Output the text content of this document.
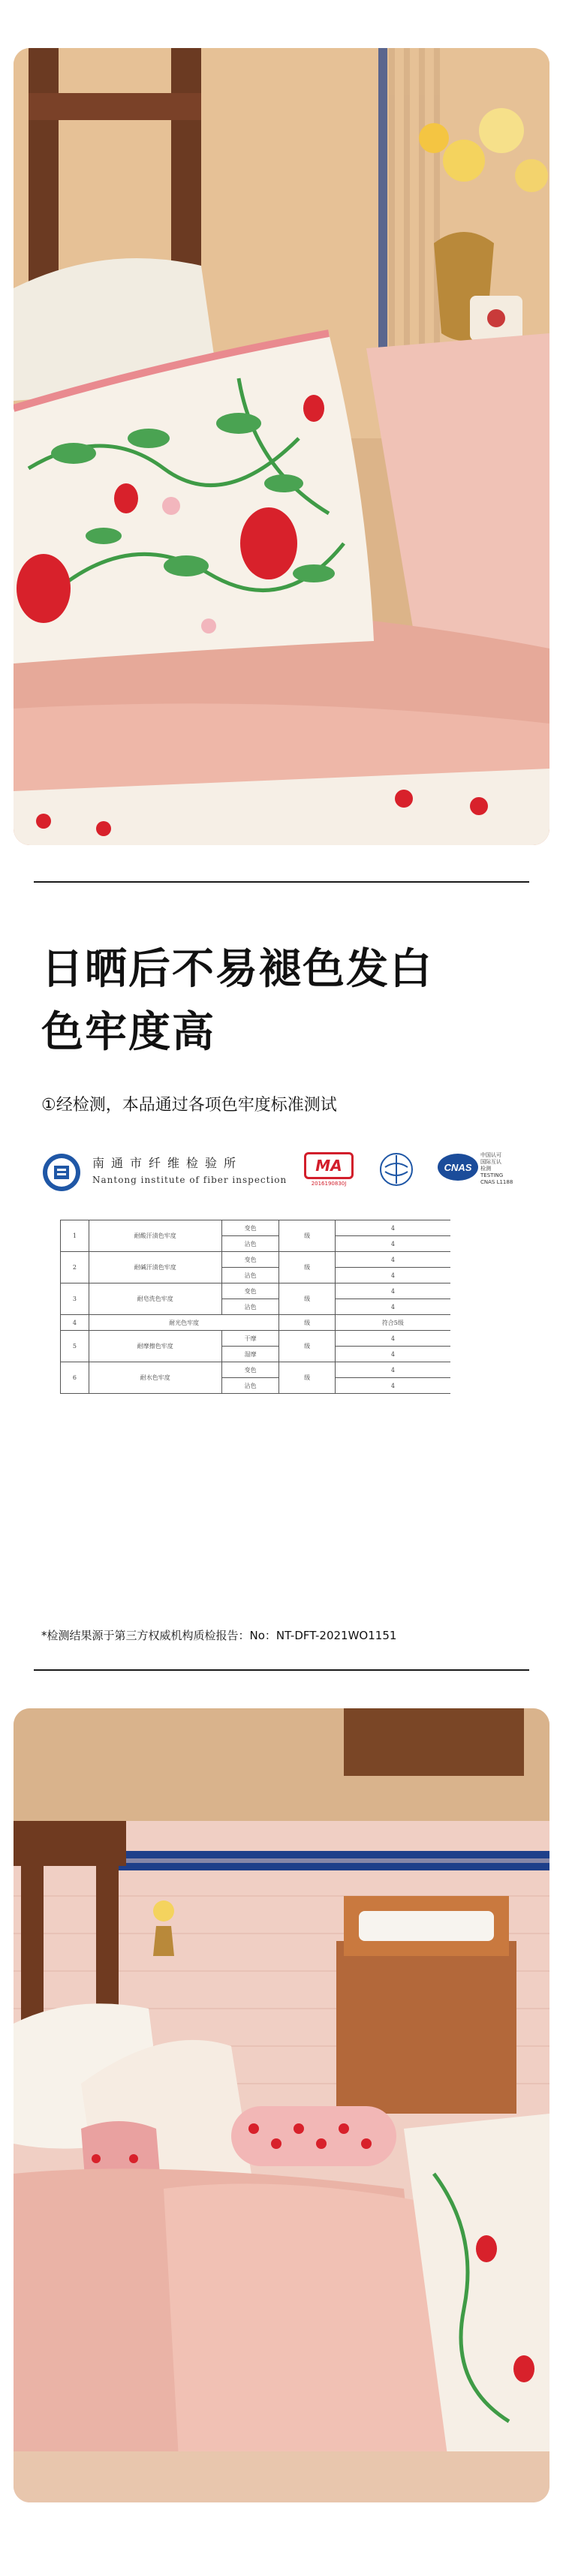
日晒后不易褪色发白
色牢度高
①经检测，本品通过各项色牢度标准测试
南通市纤维检验所
Nantong institute of fiber inspection
MA
2016190830J
CNAS
中国认可
国际互认
检测
TESTING
CNAS L1188
1	耐酸汗渍色牢度	变色	级	4
		沾色		4
2	耐碱汗渍色牢度	变色	级	4
		沾色		4
3	耐皂洗色牢度	变色	级	4
		沾色		4
4	耐光色牢度		级	符合5级
5	耐摩擦色牢度	干摩	级	4
		湿摩		4
6	耐水色牢度	变色	级	4
		沾色		4
*检测结果源于第三方权威机构质检报告：No：NT-DFT-2021WO1151
